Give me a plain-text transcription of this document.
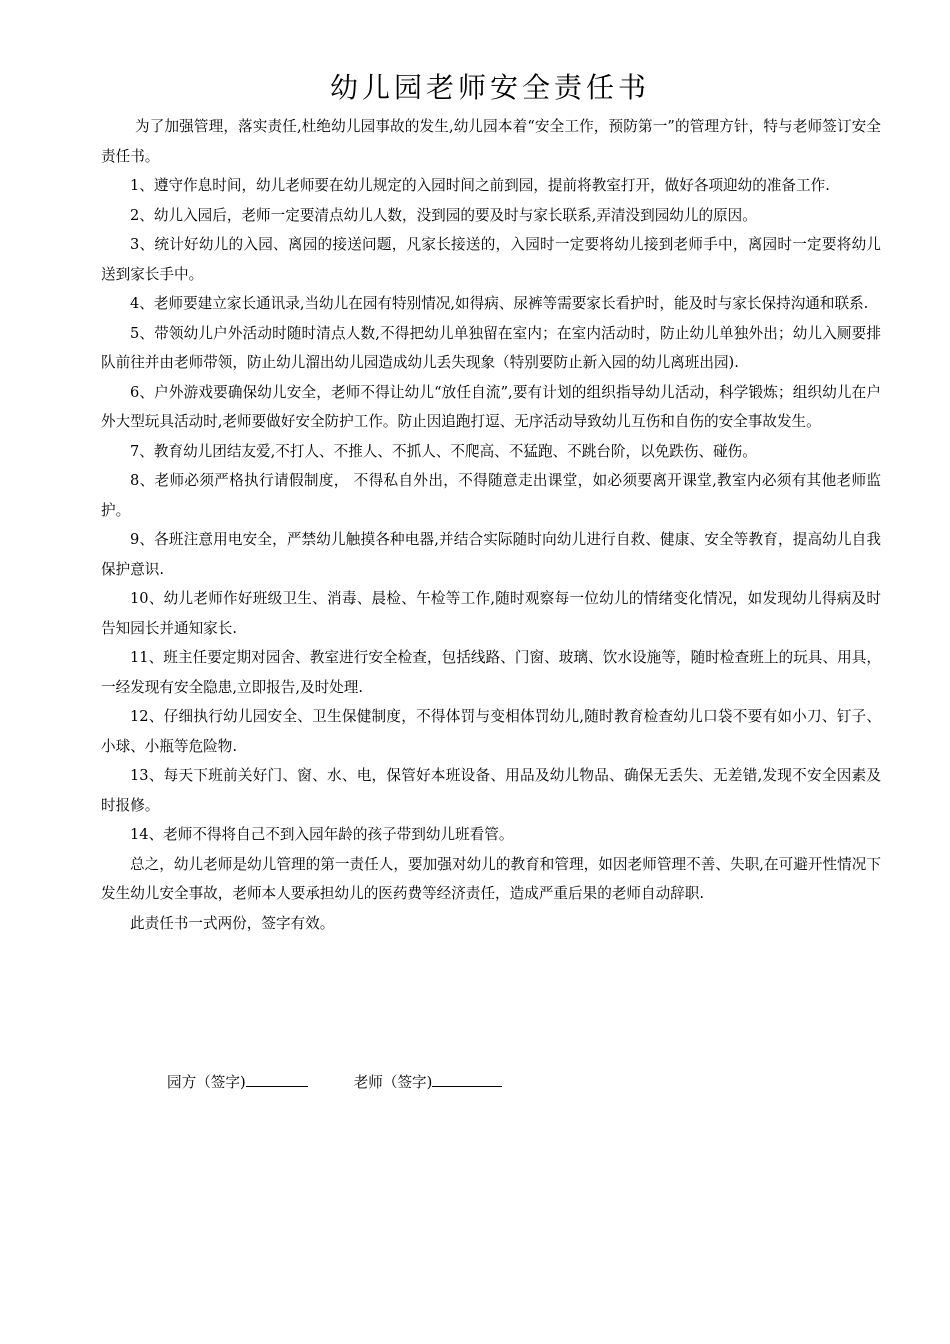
幼儿园老师安全责任书

为了加强管理，落实责任,杜绝幼儿园事故的发生,幼儿园本着“安全工作，预防第一”的管理方针，特与老师签订安全责任书。

1、遵守作息时间，幼儿老师要在幼儿规定的入园时间之前到园，提前将教室打开，做好各项迎幼的准备工作.

2、幼儿入园后，老师一定要清点幼儿人数，没到园的要及时与家长联系,弄清没到园幼儿的原因。

3、统计好幼儿的入园、离园的接送问题，凡家长接送的，入园时一定要将幼儿接到老师手中，离园时一定要将幼儿送到家长手中。

4、老师要建立家长通讯录,当幼儿在园有特别情况,如得病、尿裤等需要家长看护时，能及时与家长保持沟通和联系.

5、带领幼儿户外活动时随时清点人数,不得把幼儿单独留在室内；在室内活动时，防止幼儿单独外出；幼儿入厕要排队前往并由老师带领，防止幼儿溜出幼儿园造成幼儿丢失现象（特别要防止新入园的幼儿离班出园).

6、户外游戏要确保幼儿安全，老师不得让幼儿“放任自流”,要有计划的组织指导幼儿活动，科学锻炼；组织幼儿在户外大型玩具活动时,老师要做好安全防护工作。防止因追跑打逗、无序活动导致幼儿互伤和自伤的安全事故发生。

7、教育幼儿团结友爱,不打人、不推人、不抓人、不爬高、不猛跑、不跳台阶，以免跌伤、碰伤。

8、老师必须严格执行请假制度， 不得私自外出，不得随意走出课堂，如必须要离开课堂,教室内必须有其他老师监护。

9、各班注意用电安全，严禁幼儿触摸各种电器,并结合实际随时向幼儿进行自救、健康、安全等教育，提高幼儿自我保护意识.

10、幼儿老师作好班级卫生、消毒、晨检、午检等工作,随时观察每一位幼儿的情绪变化情况，如发现幼儿得病及时告知园长并通知家长.

11、班主任要定期对园舍、教室进行安全检查，包括线路、门窗、玻璃、饮水设施等，随时检查班上的玩具、用具，一经发现有安全隐患,立即报告,及时处理.

12、仔细执行幼儿园安全、卫生保健制度，不得体罚与变相体罚幼儿,随时教育检查幼儿口袋不要有如小刀、钉子、小球、小瓶等危险物.

13、每天下班前关好门、窗、水、电，保管好本班设备、用品及幼儿物品、确保无丢失、无差错,发现不安全因素及时报修。

14、老师不得将自己不到入园年龄的孩子带到幼儿班看管。

总之，幼儿老师是幼儿管理的第一责任人，要加强对幼儿的教育和管理，如因老师管理不善、失职,在可避开性情况下发生幼儿安全事故，老师本人要承担幼儿的医药费等经济责任，造成严重后果的老师自动辞职.

此责任书一式两份，签字有效。

园方（签字)	老师（签字)
